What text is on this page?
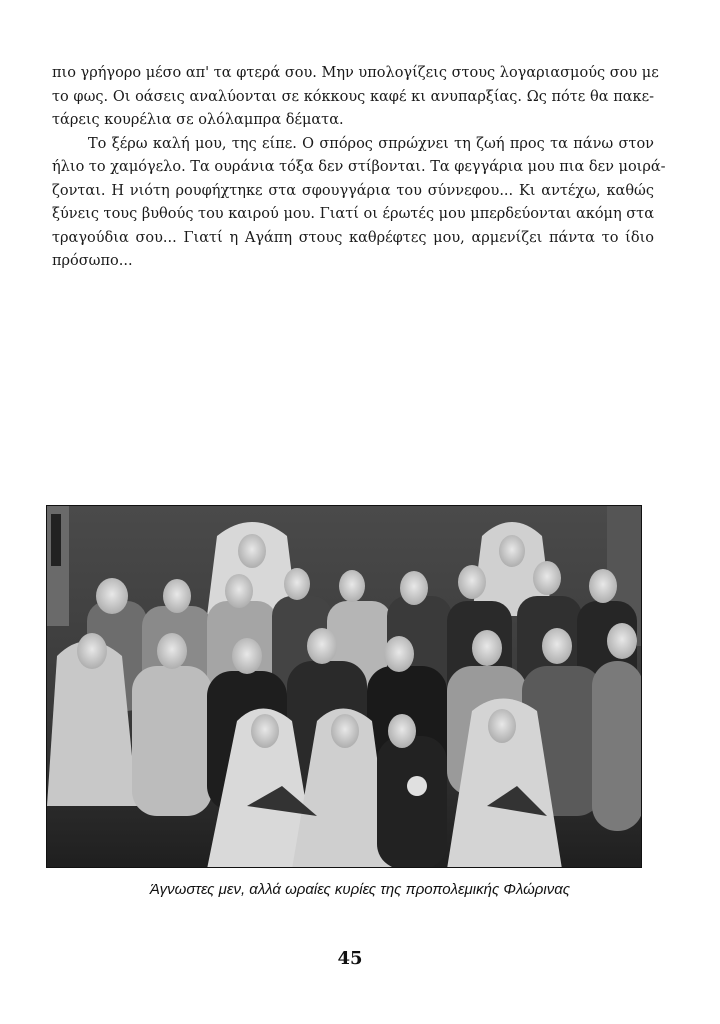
πιο γρήγορο μέσο απ' τα φτερά σου. Μην υπολογίζεις στους λογαριασμούς σου με
το φως. Οι οάσεις αναλύονται σε κόκκους καφέ κι ανυπαρξίας. Ως πότε θα πακε-
τάρεις κουρέλια σε ολόλαμπρα δέματα.
Το ξέρω καλή μου, της είπε. Ο σπόρος σπρώχνει τη ζωή προς τα πάνω στον
ήλιο το χαμόγελο. Τα ουράνια τόξα δεν στίβονται. Τα φεγγάρια μου πια δεν μοιρά-
ζονται. Η νιότη ρουφήχτηκε στα σφουγγάρια του σύννεφου... Κι αντέχω, καθώς
ξύνεις τους βυθούς του καιρού μου. Γιατί οι έρωτές μου μπερδεύονται ακόμη στα
τραγούδια σου... Γιατί η Αγάπη στους καθρέφτες μου, αρμενίζει πάντα το ίδιο
πρόσωπο...
Άγνωστες μεν, αλλά ωραίες κυρίες της προπολεμικής Φλώρινας
45
